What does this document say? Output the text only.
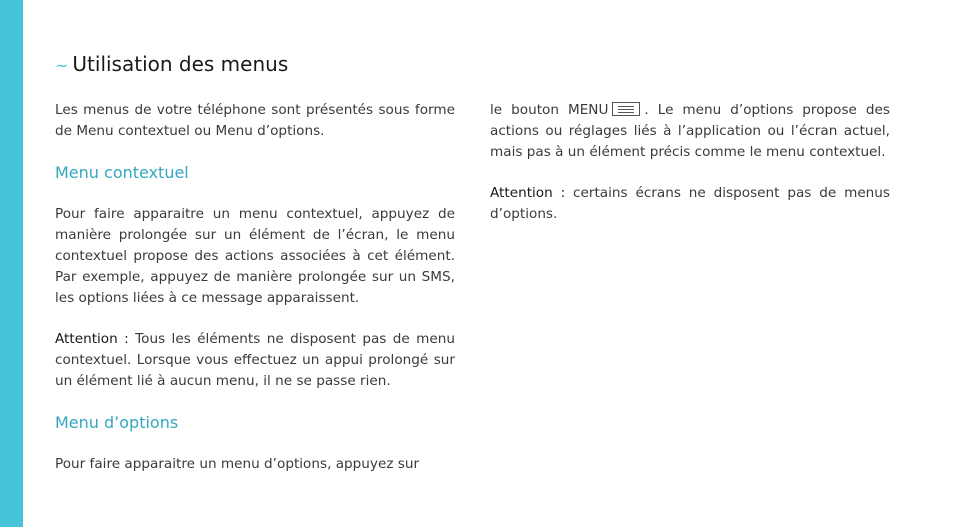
~ Utilisation des menus

Les menus de votre téléphone sont présentés sous forme de Menu contextuel ou Menu d’options.

Menu contextuel

Pour faire apparaitre un menu contextuel, appuyez de manière prolongée sur un élément de l’écran, le menu contextuel propose des actions associées à cet élément. Par exemple, appuyez de manière prolongée sur un SMS, les options liées à ce message apparaissent.

Attention : Tous les éléments ne disposent pas de menu contextuel. Lorsque vous effectuez un appui prolongé sur un élément lié à aucun menu, il ne se passe rien.

Menu d’options

Pour faire apparaitre un menu d’options, appuyez sur

le bouton MENU	. Le menu d’options propose des actions ou réglages liés à l’application ou l’écran actuel, mais pas à un élément précis comme le menu contextuel.

Attention : certains écrans ne disposent pas de menus d’options.
